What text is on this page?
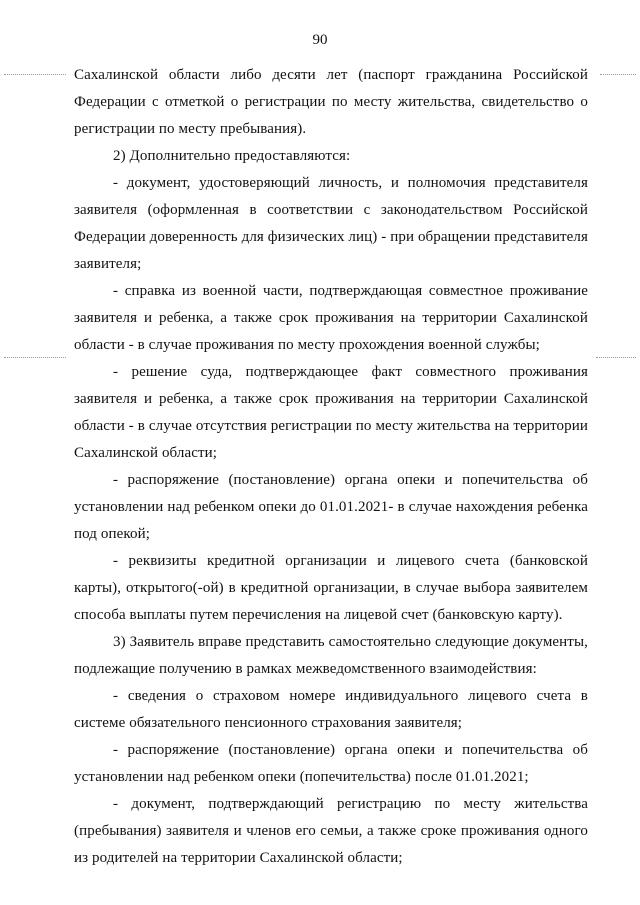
90

Сахалинской области либо десяти лет (паспорт гражданина Российской Федерации с отметкой о регистрации по месту жительства, свидетельство о регистрации по месту пребывания).

2) Дополнительно предоставляются:

- документ, удостоверяющий личность, и полномочия представителя заявителя (оформленная в соответствии с законодательством Российской Федерации доверенность для физических лиц) - при обращении представителя заявителя;

- справка из военной части, подтверждающая совместное проживание заявителя и ребенка, а также срок проживания на территории Сахалинской области - в случае проживания по месту прохождения военной службы;

- решение суда, подтверждающее факт совместного проживания заявителя и ребенка, а также срок проживания на территории Сахалинской области - в случае отсутствия регистрации по месту жительства на территории Сахалинской области;

- распоряжение (постановление) органа опеки и попечительства об установлении над ребенком опеки до 01.01.2021- в случае нахождения ребенка под опекой;

- реквизиты кредитной организации и лицевого счета (банковской карты), открытого(-ой) в кредитной организации, в случае выбора заявителем способа выплаты путем перечисления на лицевой счет (банковскую карту).

3) Заявитель вправе представить самостоятельно следующие документы, подлежащие получению в рамках межведомственного взаимодействия:

- сведения о страховом номере индивидуального лицевого счета в системе обязательного пенсионного страхования заявителя;

- распоряжение (постановление) органа опеки и попечительства об установлении над ребенком опеки (попечительства) после 01.01.2021;

- документ, подтверждающий регистрацию по месту жительства (пребывания) заявителя и членов его семьи, а также сроке проживания одного из родителей на территории Сахалинской области;
